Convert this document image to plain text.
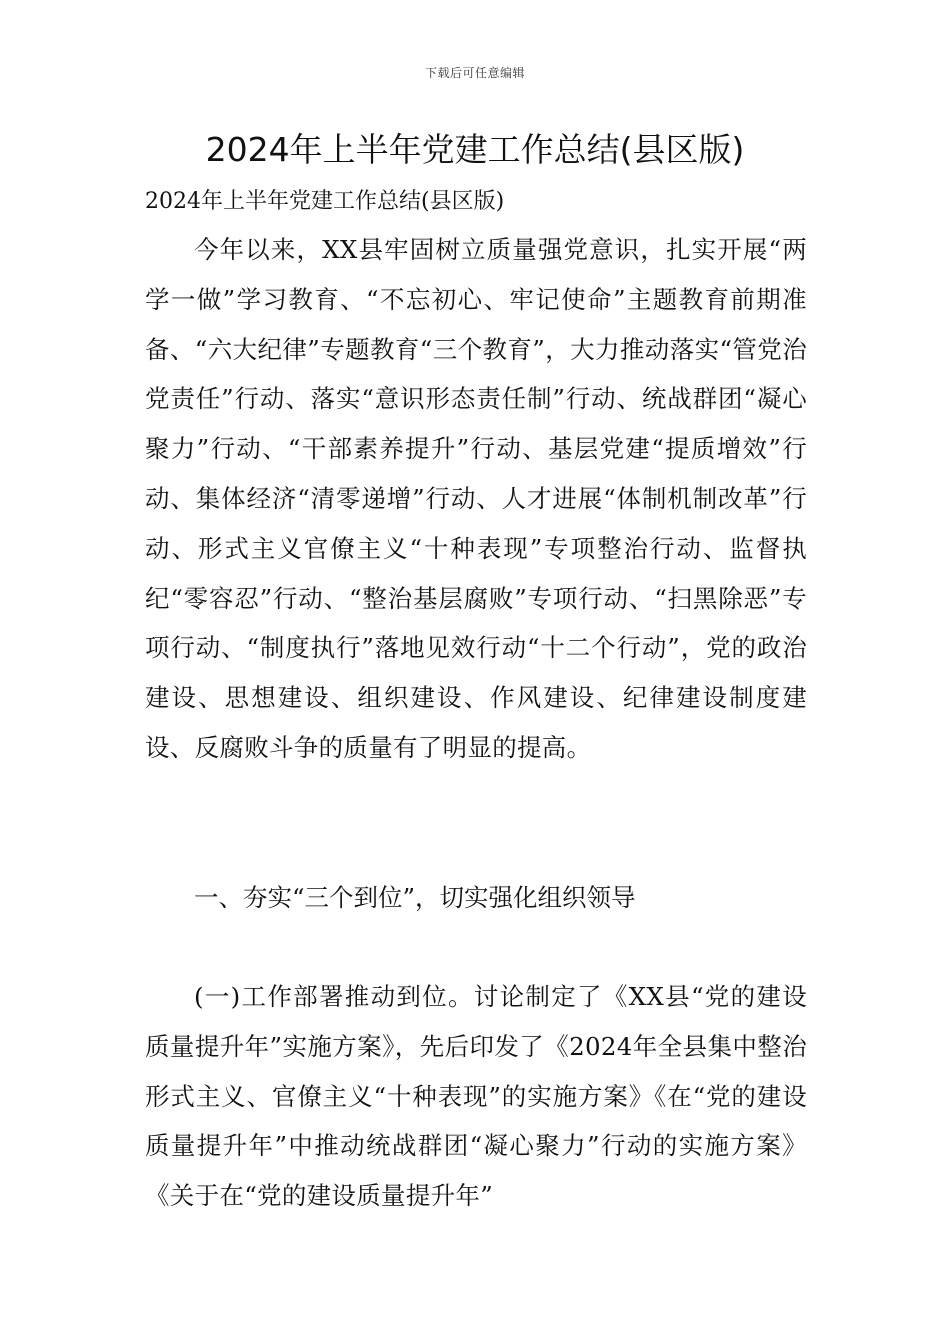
下载后可任意编辑
2024年上半年党建工作总结(县区版)
2024年上半年党建工作总结(县区版)

今年以来，XX县牢固树立质量强党意识，扎实开展“两学一做”学习教育、“不忘初心、牢记使命”主题教育前期准备、“六大纪律”专题教育“三个教育”，大力推动落实“管党治党责任”行动、落实“意识形态责任制”行动、统战群团“凝心聚力”行动、“干部素养提升”行动、基层党建“提质增效”行动、集体经济“清零递增”行动、人才进展“体制机制改革”行动、形式主义官僚主义“十种表现”专项整治行动、监督执纪“零容忍”行动、“整治基层腐败”专项行动、“扫黑除恶”专项行动、“制度执行”落地见效行动“十二个行动”，党的政治建设、思想建设、组织建设、作风建设、纪律建设制度建设、反腐败斗争的质量有了明显的提高。

一、夯实“三个到位”，切实强化组织领导

(一)工作部署推动到位。讨论制定了《XX县“党的建设质量提升年”实施方案》，先后印发了《2024年全县集中整治形式主义、官僚主义“十种表现”的实施方案》《在“党的建设质量提升年”中推动统战群团“凝心聚力”行动的实施方案》《关于在“党的建设质量提升年”
